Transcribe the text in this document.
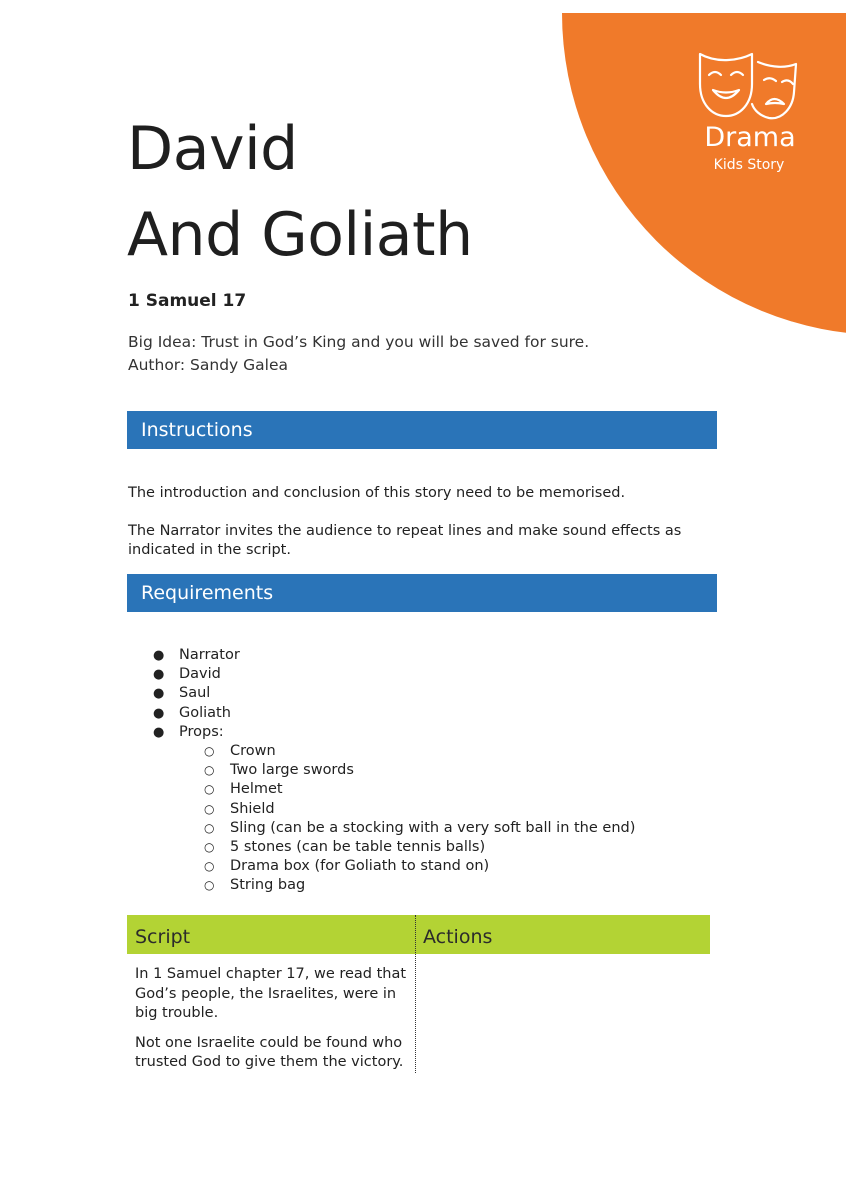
Drama
Kids Story
David
And Goliath
1 Samuel 17
Big Idea: Trust in God’s King and you will be saved for sure.
Author: Sandy Galea
Instructions
The introduction and conclusion of this story need to be memorised.
The Narrator invites the audience to repeat lines and make sound effects as indicated in the script.
Requirements
● Narrator
● David
● Saul
● Goliath
● Props:
○ Crown
○ Two large swords
○ Helmet
○ Shield
○ Sling (can be a stocking with a very soft ball in the end)
○ 5 stones (can be table tennis balls)
○ Drama box (for Goliath to stand on)
○ String bag
Script	Actions

In 1 Samuel chapter 17, we read that God’s people, the Israelites, were in big trouble.

Not one Israelite could be found who trusted God to give them the victory.
